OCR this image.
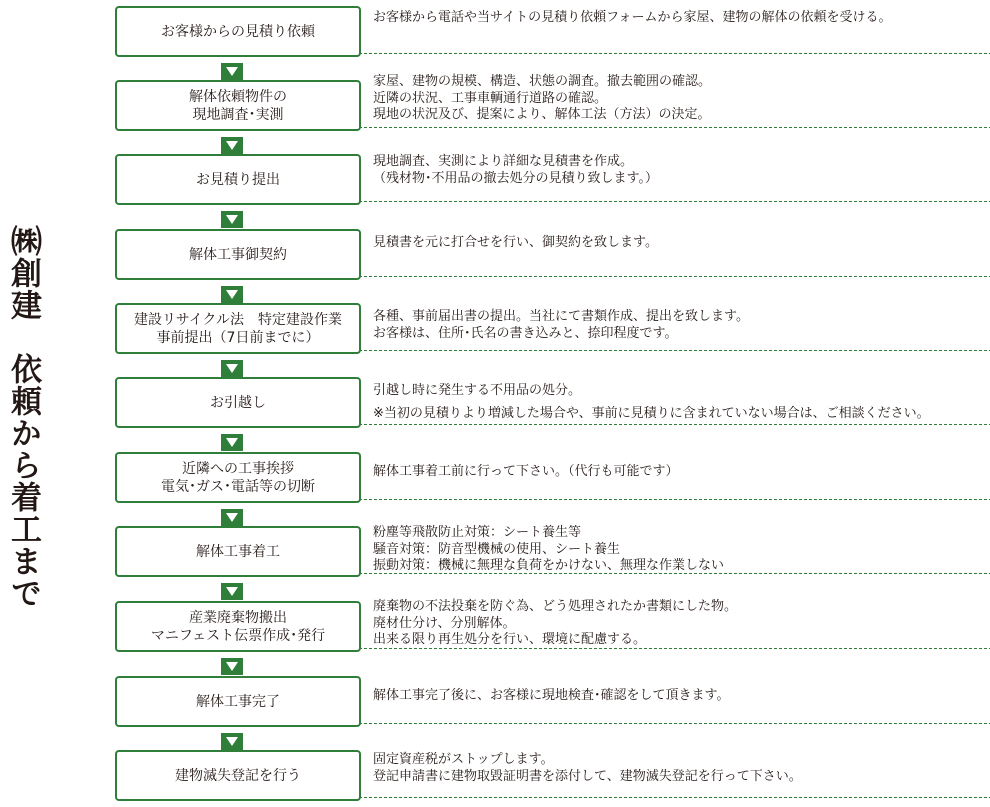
㈱創建　依頼から着工まで
お客様からの見積り依頼
お客様から電話や当サイトの見積り依頼フォームから家屋、建物の解体の依頼を受ける。
解体依頼物件の
現地調査･実測
家屋、建物の規模、構造、状態の調査。撤去範囲の確認。
近隣の状況、工事車輌通行道路の確認。
現地の状況及び、提案により、解体工法（方法）の決定。
お見積り提出
現地調査、実測により詳細な見積書を作成。
（残材物･不用品の撤去処分の見積り致します。）
解体工事御契約
見積書を元に打合せを行い、御契約を致します。
建設リサイクル法　特定建設作業
事前提出（7日前までに）
各種、事前届出書の提出。当社にて書類作成、提出を致します。
お客様は、住所･氏名の書き込みと、捺印程度です。
お引越し
引越し時に発生する不用品の処分。
※当初の見積りより増減した場合や、事前に見積りに含まれていない場合は、ご相談ください。
近隣への工事挨拶
電気･ガス･電話等の切断
解体工事着工前に行って下さい。（代行も可能です）
解体工事着工
粉塵等飛散防止対策：シート養生等
騒音対策：防音型機械の使用、シート養生
振動対策：機械に無理な負荷をかけない、無理な作業しない
産業廃棄物搬出
マニフェスト伝票作成･発行
廃棄物の不法投棄を防ぐ為、どう処理されたか書類にした物。
廃材仕分け、分別解体。
出来る限り再生処分を行い、環境に配慮する。
解体工事完了	解体工事完了後に、お客様に現地検査･確認をして頂きます。
建物滅失登記を行う
固定資産税がストップします。
登記申請書に建物取毀証明書を添付して、建物滅失登記を行って下さい。
